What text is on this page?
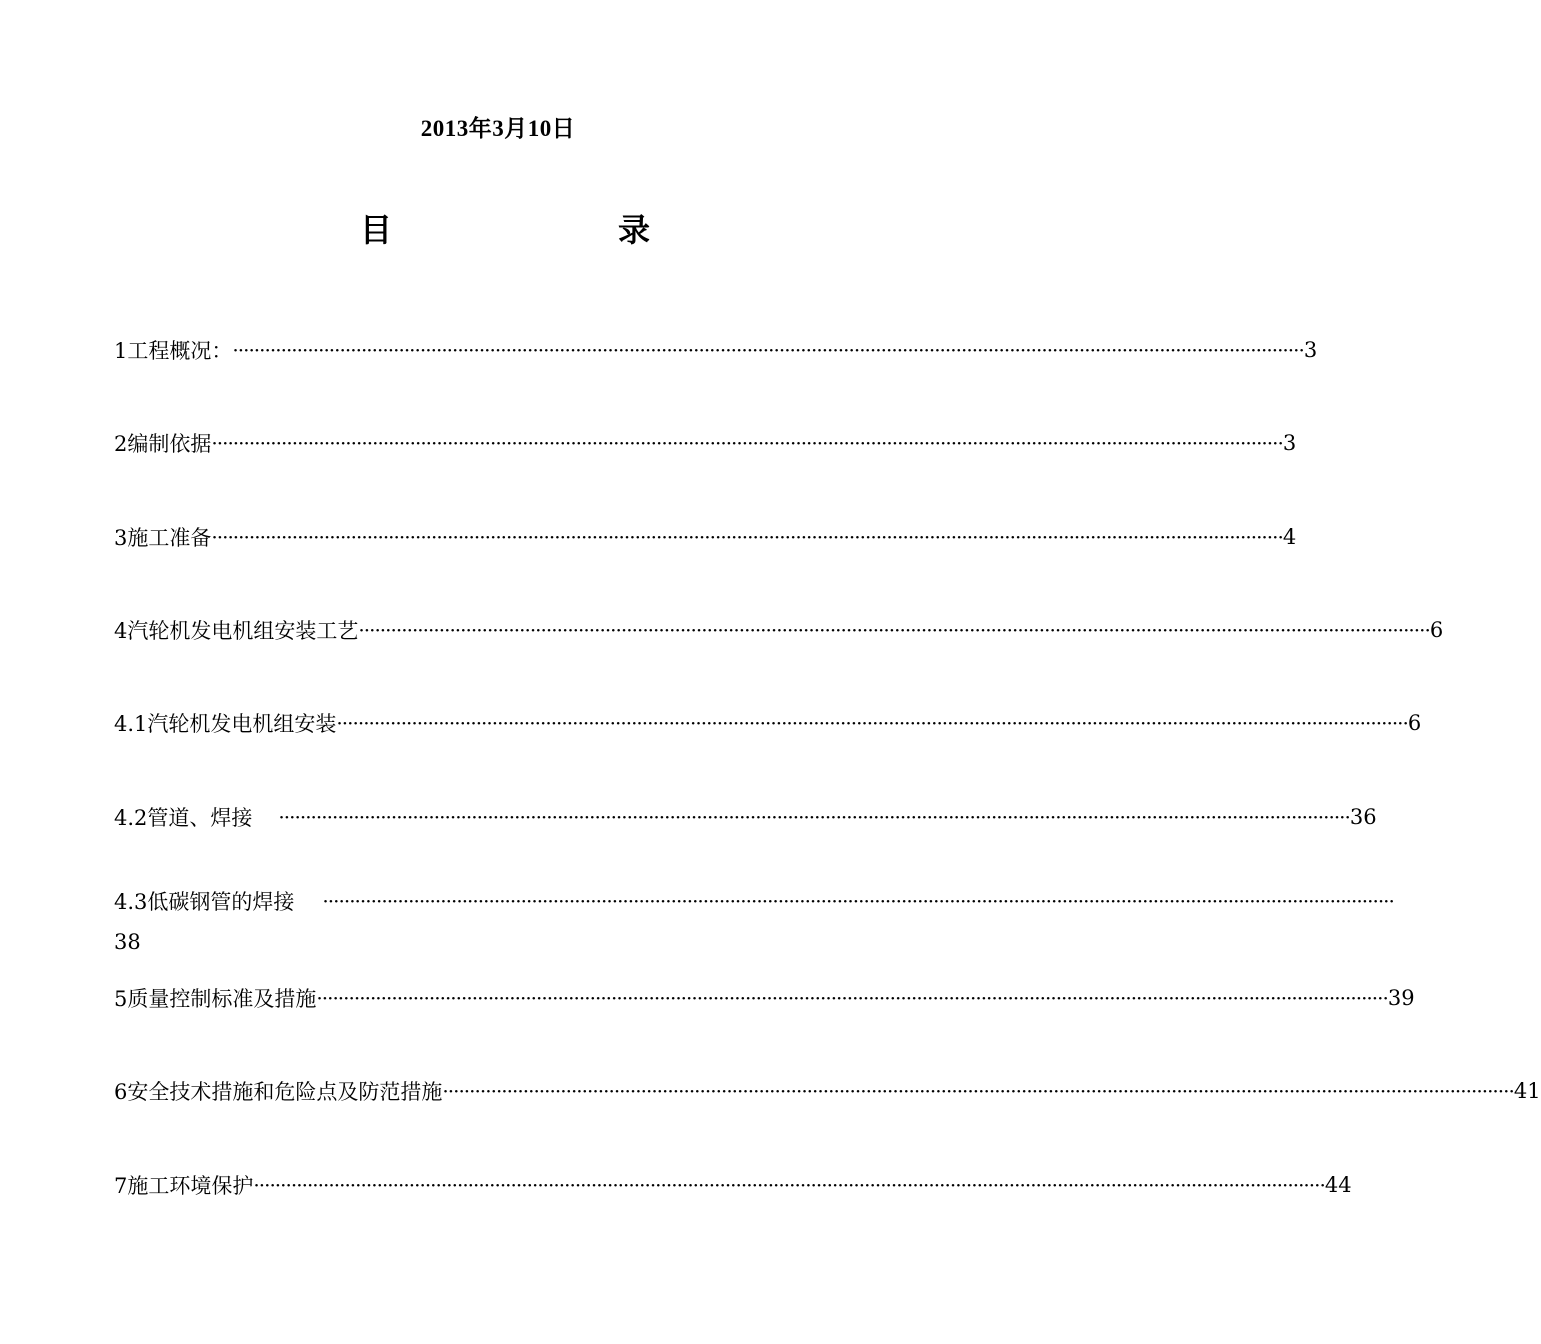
2013年3月10日
目	录
1工程概况： ········································································································································································································ 3
2编制依据 ········································································································································································································ 3
3施工准备 ········································································································································································································ 4
4汽轮机发电机组安装工艺 ········································································································································································································ 6
4.1汽轮机发电机组安装 ········································································································································································································ 6
4.2管道、焊接 ········································································································································································································ 36
4.3低碳钢管的焊接 ········································································································································································································
38
5质量控制标准及措施 ········································································································································································································ 39
6安全技术措施和危险点及防范措施 ········································································································································································································ 41
7施工环境保护 ········································································································································································································ 44
